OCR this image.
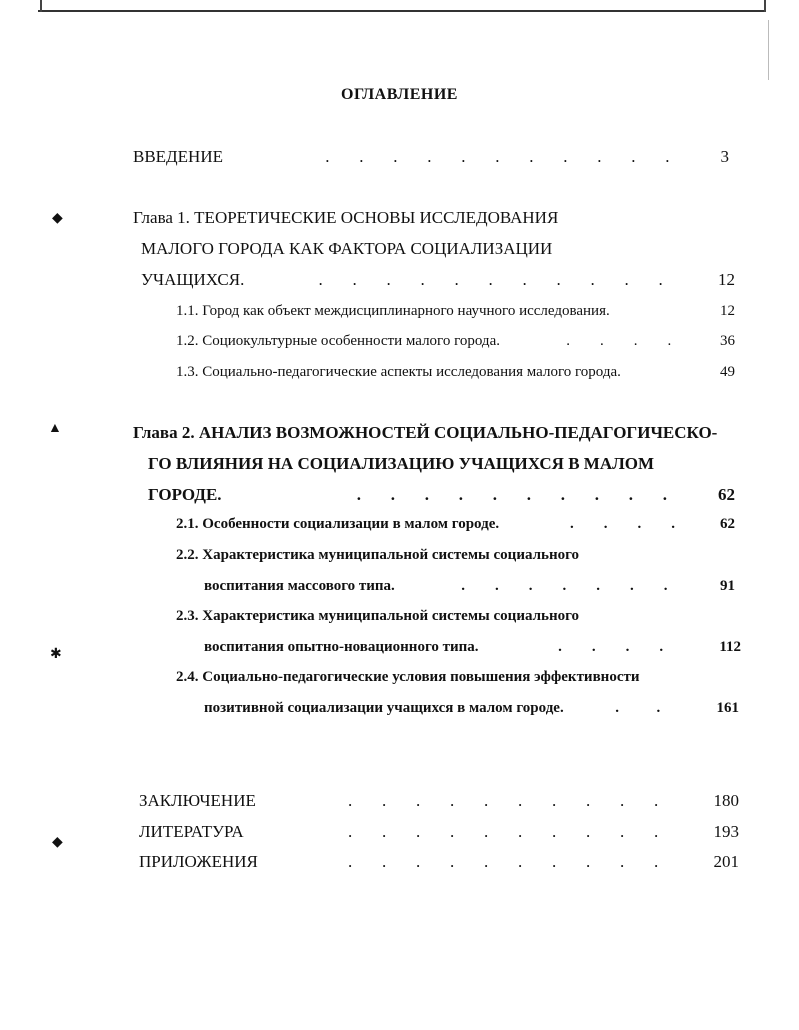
◆
▲
✱
◆
ОГЛАВЛЕНИЕ
ВВЕДЕНИЕ	.       .       .       .       .       .       .       .       .       .       . 3
Глава 1. ТЕОРЕТИЧЕСКИЕ ОСНОВЫ ИССЛЕДОВАНИЯ
МАЛОГО ГОРОДА КАК ФАКТОРА СОЦИАЛИЗАЦИИ
УЧАЩИХСЯ.	.       .       .       .       .       .       .       .       .       .       . 12
1.1. Город как объект междисциплинарного научного исследования.	12
1.2. Социокультурные особенности малого города.	.        .        .        . 36
1.3. Социально-педагогические аспекты исследования малого города.	49
Глава 2. АНАЛИЗ ВОЗМОЖНОСТЕЙ СОЦИАЛЬНО-ПЕДАГОГИЧЕСКО-
ГО ВЛИЯНИЯ НА СОЦИАЛИЗАЦИЮ УЧАЩИХСЯ В МАЛОМ
ГОРОДЕ.	.       .       .       .       .       .       .       .       .       . 62
2.1. Особенности социализации в малом городе.	.        .        .        . 62
2.2. Характеристика муниципальной системы социального
воспитания массового типа.	.        .        .        .        .        .        . 91
2.3. Характеристика муниципальной системы социального
воспитания опытно-новационного типа.	.        .        .        . 112
2.4. Социально-педагогические условия повышения эффективности
позитивной социализации учащихся в малом городе.	.          . 161
ЗАКЛЮЧЕНИЕ	.       .       .       .       .       .       .       .       .       . 180
ЛИТЕРАТУРА	.       .       .       .       .       .       .       .       .       . 193
ПРИЛОЖЕНИЯ	.       .       .       .       .       .       .       .       .       . 201
